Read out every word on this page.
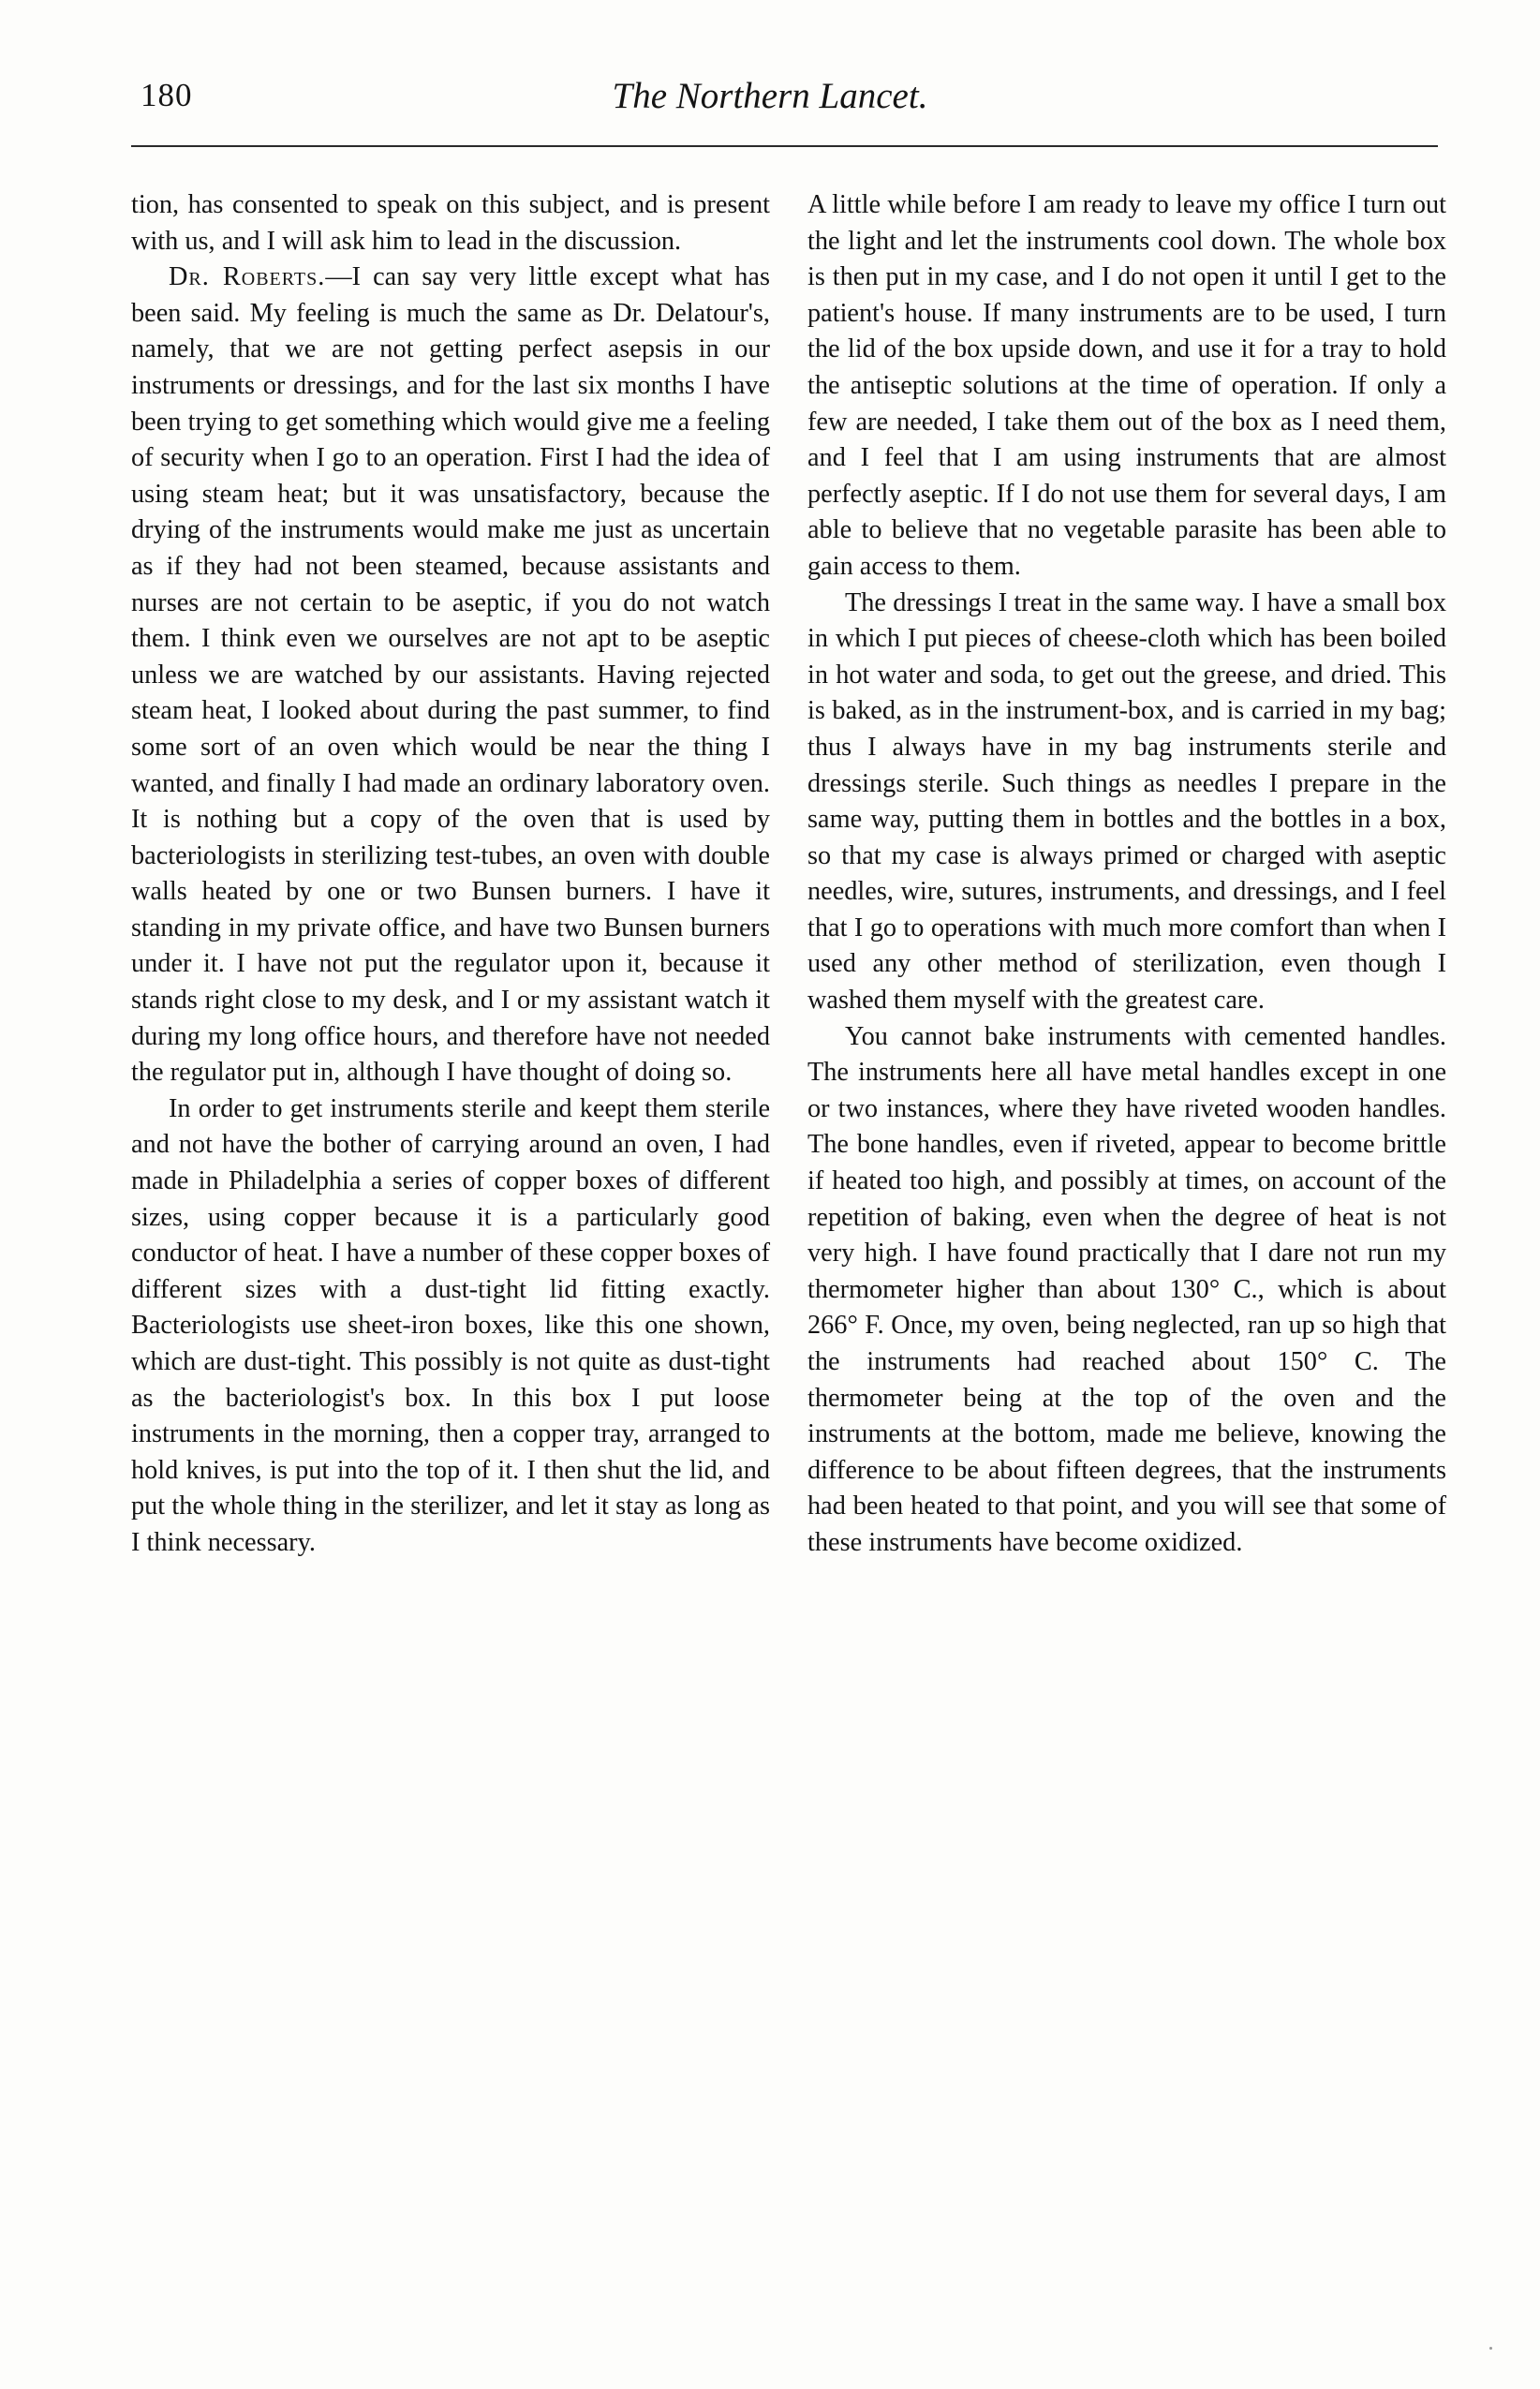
180	The Northern Lancet.

tion, has consented to speak on this subject, and is present with us, and I will ask him to lead in the discussion.

Dr. Roberts.—I can say very little except what has been said. My feeling is much the same as Dr. Delatour's, namely, that we are not getting perfect asepsis in our instruments or dressings, and for the last six months I have been trying to get something which would give me a feeling of security when I go to an operation. First I had the idea of using steam heat; but it was unsatisfactory, because the drying of the instruments would make me just as uncertain as if they had not been steamed, because assistants and nurses are not certain to be aseptic, if you do not watch them. I think even we ourselves are not apt to be aseptic unless we are watched by our assistants. Having rejected steam heat, I looked about during the past summer, to find some sort of an oven which would be near the thing I wanted, and finally I had made an ordinary laboratory oven. It is nothing but a copy of the oven that is used by bacteriologists in sterilizing test-tubes, an oven with double walls heated by one or two Bunsen burners. I have it standing in my private office, and have two Bunsen burners under it. I have not put the regulator upon it, because it stands right close to my desk, and I or my assistant watch it during my long office hours, and therefore have not needed the regulator put in, although I have thought of doing so.

In order to get instruments sterile and keept them sterile and not have the bother of carrying around an oven, I had made in Philadelphia a series of copper boxes of different sizes, using copper because it is a particularly good conductor of heat. I have a number of these copper boxes of different sizes with a dust-tight lid fitting exactly. Bacteriologists use sheet-iron boxes, like this one shown, which are dust-tight. This possibly is not quite as dust-tight as the bacteriologist's box. In this box I put loose instruments in the morning, then a copper tray, arranged to hold knives, is put into the top of it. I then shut the lid, and put the whole thing in the sterilizer, and let it stay as long as I think necessary.

A little while before I am ready to leave my office I turn out the light and let the instruments cool down. The whole box is then put in my case, and I do not open it until I get to the patient's house. If many instruments are to be used, I turn the lid of the box upside down, and use it for a tray to hold the antiseptic solutions at the time of operation. If only a few are needed, I take them out of the box as I need them, and I feel that I am using instruments that are almost perfectly aseptic. If I do not use them for several days, I am able to believe that no vegetable parasite has been able to gain access to them.

The dressings I treat in the same way. I have a small box in which I put pieces of cheese-cloth which has been boiled in hot water and soda, to get out the greese, and dried. This is baked, as in the instrument-box, and is carried in my bag; thus I always have in my bag instruments sterile and dressings sterile. Such things as needles I prepare in the same way, putting them in bottles and the bottles in a box, so that my case is always primed or charged with aseptic needles, wire, sutures, instruments, and dressings, and I feel that I go to operations with much more comfort than when I used any other method of sterilization, even though I washed them myself with the greatest care.

You cannot bake instruments with cemented handles. The instruments here all have metal handles except in one or two instances, where they have riveted wooden handles. The bone handles, even if riveted, appear to become brittle if heated too high, and possibly at times, on account of the repetition of baking, even when the degree of heat is not very high. I have found practically that I dare not run my thermometer higher than about 130° C., which is about 266° F. Once, my oven, being neglected, ran up so high that the instruments had reached about 150° C. The thermometer being at the top of the oven and the instruments at the bottom, made me believe, knowing the difference to be about fifteen degrees, that the instruments had been heated to that point, and you will see that some of these instruments have become oxidized.
